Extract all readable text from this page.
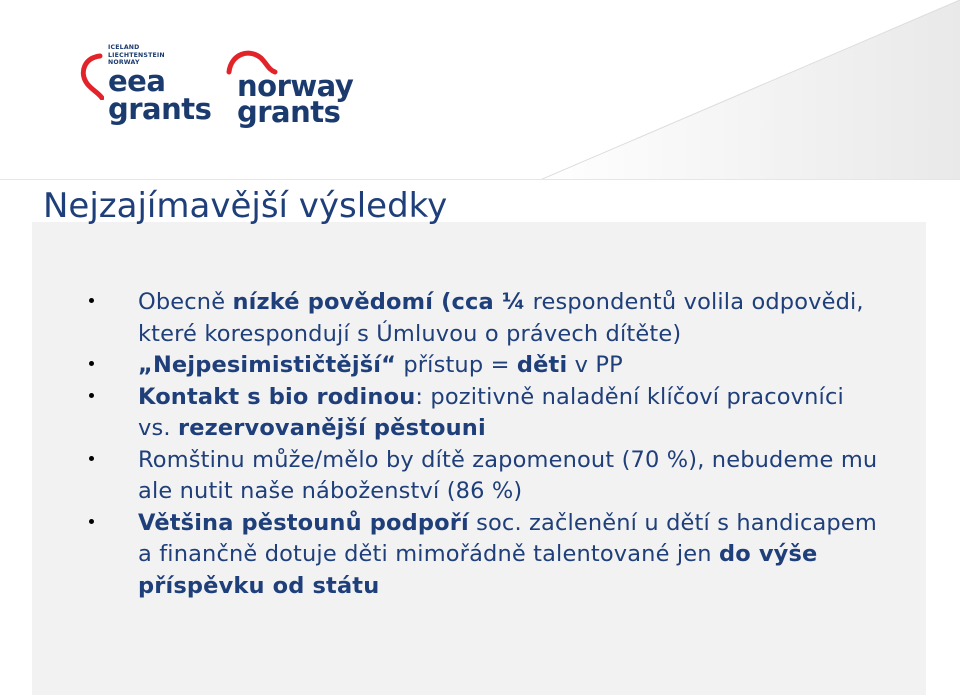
ICELAND
LIECHTENSTEIN
NORWAY
eea
grants
norway
grants
Nejzajímavější výsledky
Obecně nízké povědomí (cca ¼ respondentů volila odpovědi, které korespondují s Úmluvou o právech dítěte)
„Nejpesimističtější“ přístup = děti v PP
Kontakt s bio rodinou: pozitivně naladění klíčoví pracovníci vs. rezervovanější pěstouni
Romštinu může/mělo by dítě zapomenout (70 %), nebudeme mu ale nutit naše náboženství (86 %)
Většina pěstounů podpoří soc. začlenění u dětí s handicapem a finančně dotuje děti mimořádně talentované jen do výše příspěvku od státu
